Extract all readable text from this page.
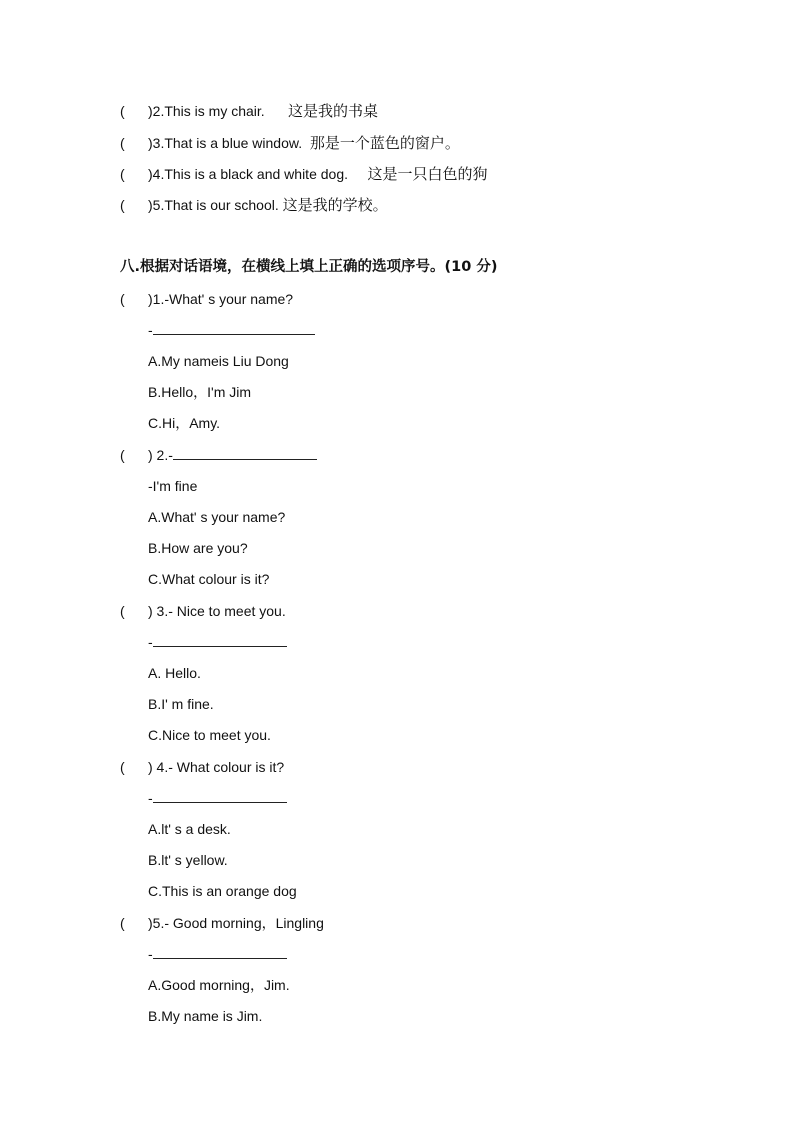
( )2.This is my chair. 这是我的书桌
( )3.That is a blue window. 那是一个蓝色的窗户。
( )4.This is a black and white dog. 这是一只白色的狗
( )5.That is our school. 这是我的学校。
八.根据对话语境，在横线上填上正确的选项序号。(10 分)
( )1.-What' s your name?
-
A.My nameis Liu Dong
B.Hello，I'm Jim
C.Hi，Amy.
( ) 2.-
-I'm fine
A.What' s your name?
B.How are you?
C.What colour is it?
( ) 3.- Nice to meet you.
-
A. Hello.
B.I' m fine.
C.Nice to meet you.
( ) 4.- What colour is it?
-
A.lt' s a desk.
B.lt' s yellow.
C.This is an orange dog
( )5.- Good morning，Lingling
-
A.Good morning，Jim.
B.My name is Jim.
